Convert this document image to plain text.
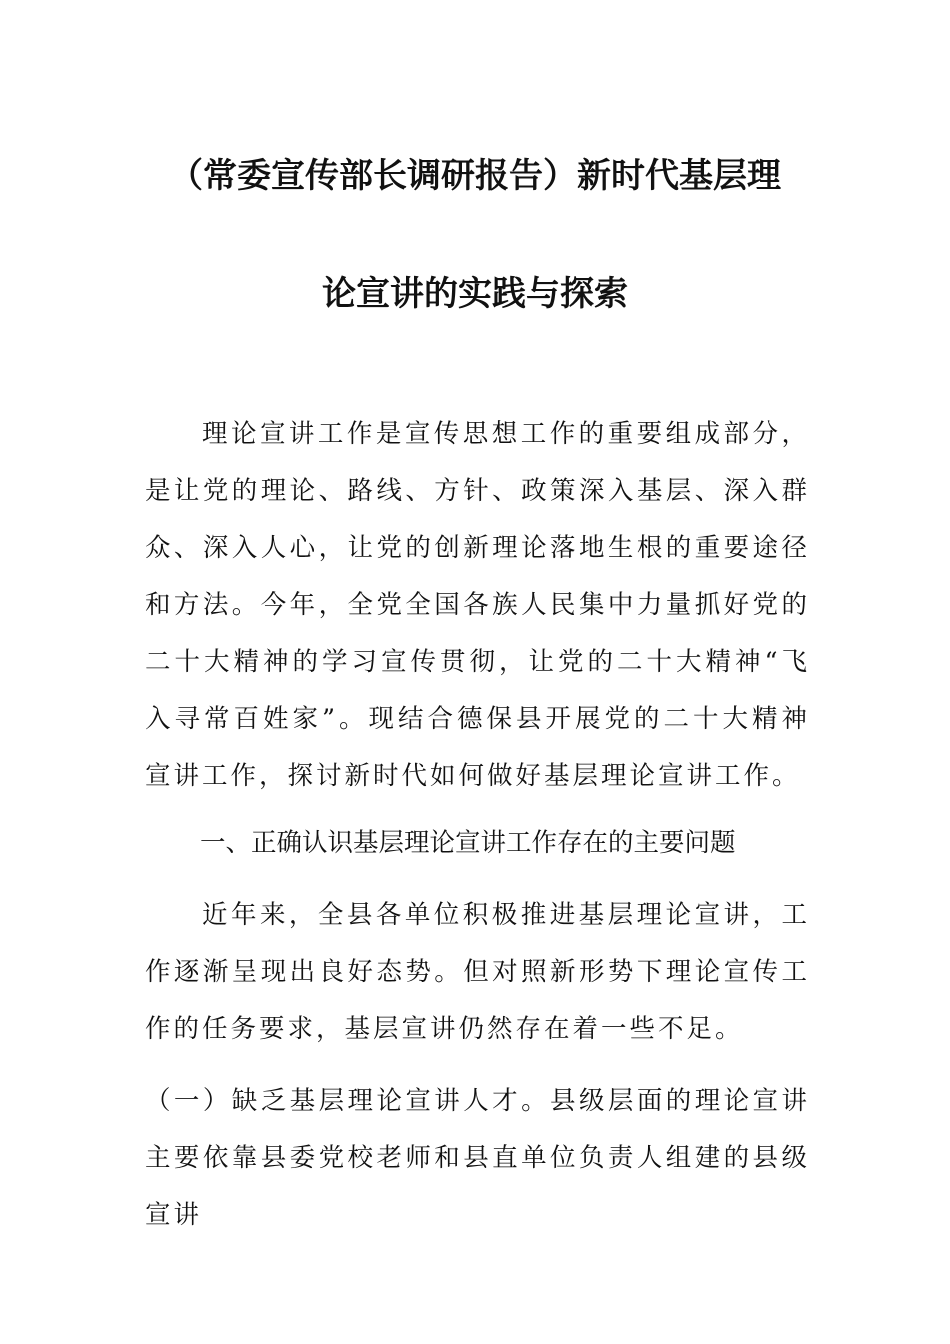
（常委宣传部长调研报告）新时代基层理
论宣讲的实践与探索

理论宣讲工作是宣传思想工作的重要组成部分，是让党的理论、路线、方针、政策深入基层、深入群众、深入人心，让党的创新理论落地生根的重要途径和方法。今年，全党全国各族人民集中力量抓好党的二十大精神的学习宣传贯彻，让党的二十大精神“飞入寻常百姓家”。现结合德保县开展党的二十大精神宣讲工作，探讨新时代如何做好基层理论宣讲工作。

一、正确认识基层理论宣讲工作存在的主要问题

近年来，全县各单位积极推进基层理论宣讲，工作逐渐呈现出良好态势。但对照新形势下理论宣传工作的任务要求，基层宣讲仍然存在着一些不足。

（一）缺乏基层理论宣讲人才。县级层面的理论宣讲主要依靠县委党校老师和县直单位负责人组建的县级宣讲
